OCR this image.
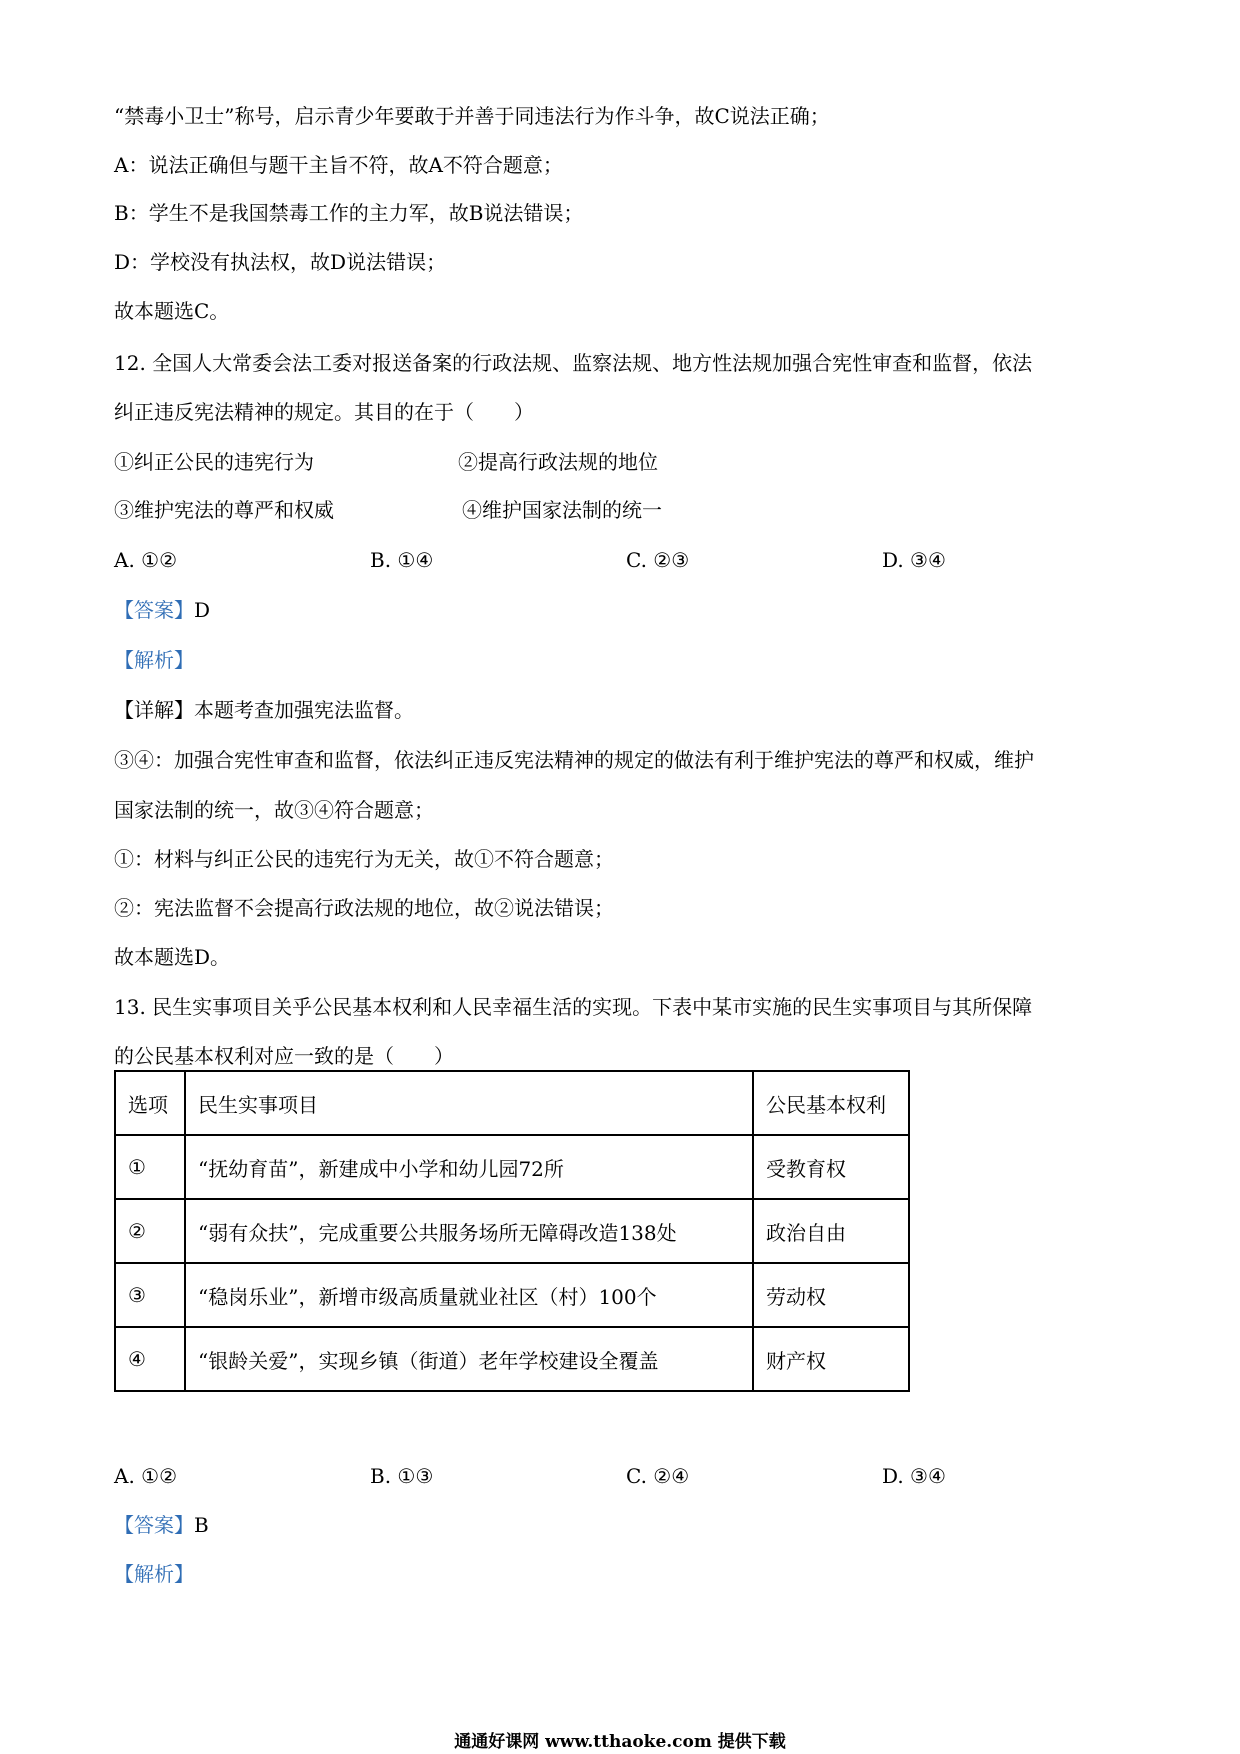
“禁毒小卫士”称号，启示青少年要敢于并善于同违法行为作斗争，故C说法正确；
A：说法正确但与题干主旨不符，故A不符合题意；
B：学生不是我国禁毒工作的主力军，故B说法错误；
D：学校没有执法权，故D说法错误；
故本题选C。
12. 全国人大常委会法工委对报送备案的行政法规、监察法规、地方性法规加强合宪性审查和监督，依法
纠正违反宪法精神的规定。其目的在于（　　）
①纠正公民的违宪行为	②提高行政法规的地位
③维护宪法的尊严和权威	④维护国家法制的统一
A. ①②	B. ①④	C. ②③	D. ③④
【答案】D
【解析】
【详解】本题考查加强宪法监督。
③④：加强合宪性审查和监督，依法纠正违反宪法精神的规定的做法有利于维护宪法的尊严和权威，维护
国家法制的统一，故③④符合题意；
①：材料与纠正公民的违宪行为无关，故①不符合题意；
②：宪法监督不会提高行政法规的地位，故②说法错误；
故本题选D。
13. 民生实事项目关乎公民基本权利和人民幸福生活的实现。下表中某市实施的民生实事项目与其所保障
的公民基本权利对应一致的是（　　）
选项	民生实事项目	公民基本权利
①	“抚幼育苗”，新建成中小学和幼儿园72所	受教育权
②	“弱有众扶”，完成重要公共服务场所无障碍改造138处	政治自由
③	“稳岗乐业”，新增市级高质量就业社区（村）100个	劳动权
④	“银龄关爱”，实现乡镇（街道）老年学校建设全覆盖	财产权
A. ①②	B. ①③	C. ②④	D. ③④
【答案】B
【解析】
通通好课网 www.tthaoke.com 提供下载
